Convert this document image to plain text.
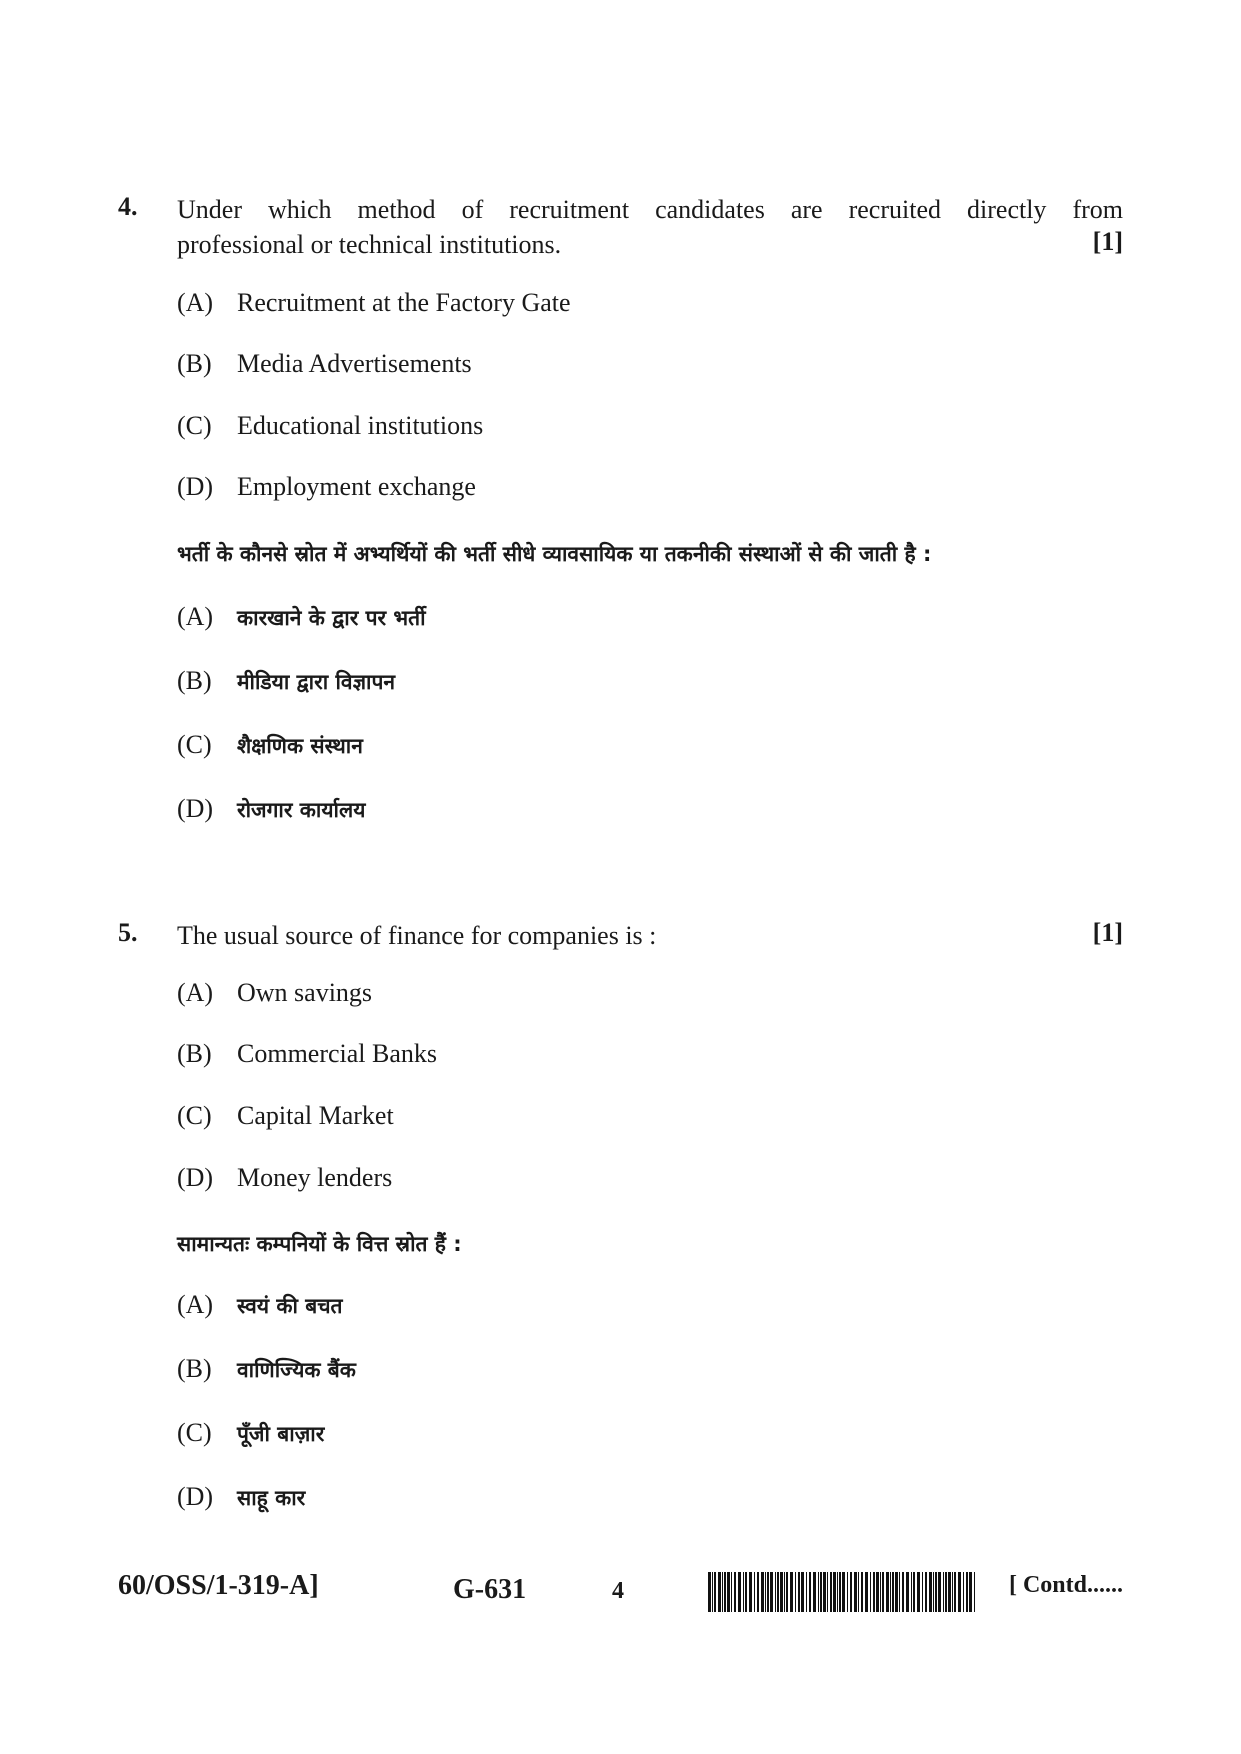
4. Under which method of recruitment candidates are recruited directly from
professional or technical institutions.	[1]
(A) Recruitment at the Factory Gate
(B) Media Advertisements
(C) Educational institutions
(D) Employment exchange
भर्ती के कौनसे स्रोत में अभ्यर्थियों की भर्ती सीधे व्यावसायिक या तकनीकी संस्थाओं से की जाती है :
(A) कारखाने के द्वार पर भर्ती
(B) मीडिया द्वारा विज्ञापन
(C) शैक्षणिक संस्थान
(D) रोजगार कार्यालय
5. The usual source of finance for companies is :	[1]
(A) Own savings
(B) Commercial Banks
(C) Capital Market
(D) Money lenders
सामान्यतः कम्पनियों के वित्त स्रोत हैं :
(A) स्वयं की बचत
(B) वाणिज्यिक बैंक
(C) पूँजी बाज़ार
(D) साहू कार
60/OSS/1-319-A]	G-631	4	[ Contd......
